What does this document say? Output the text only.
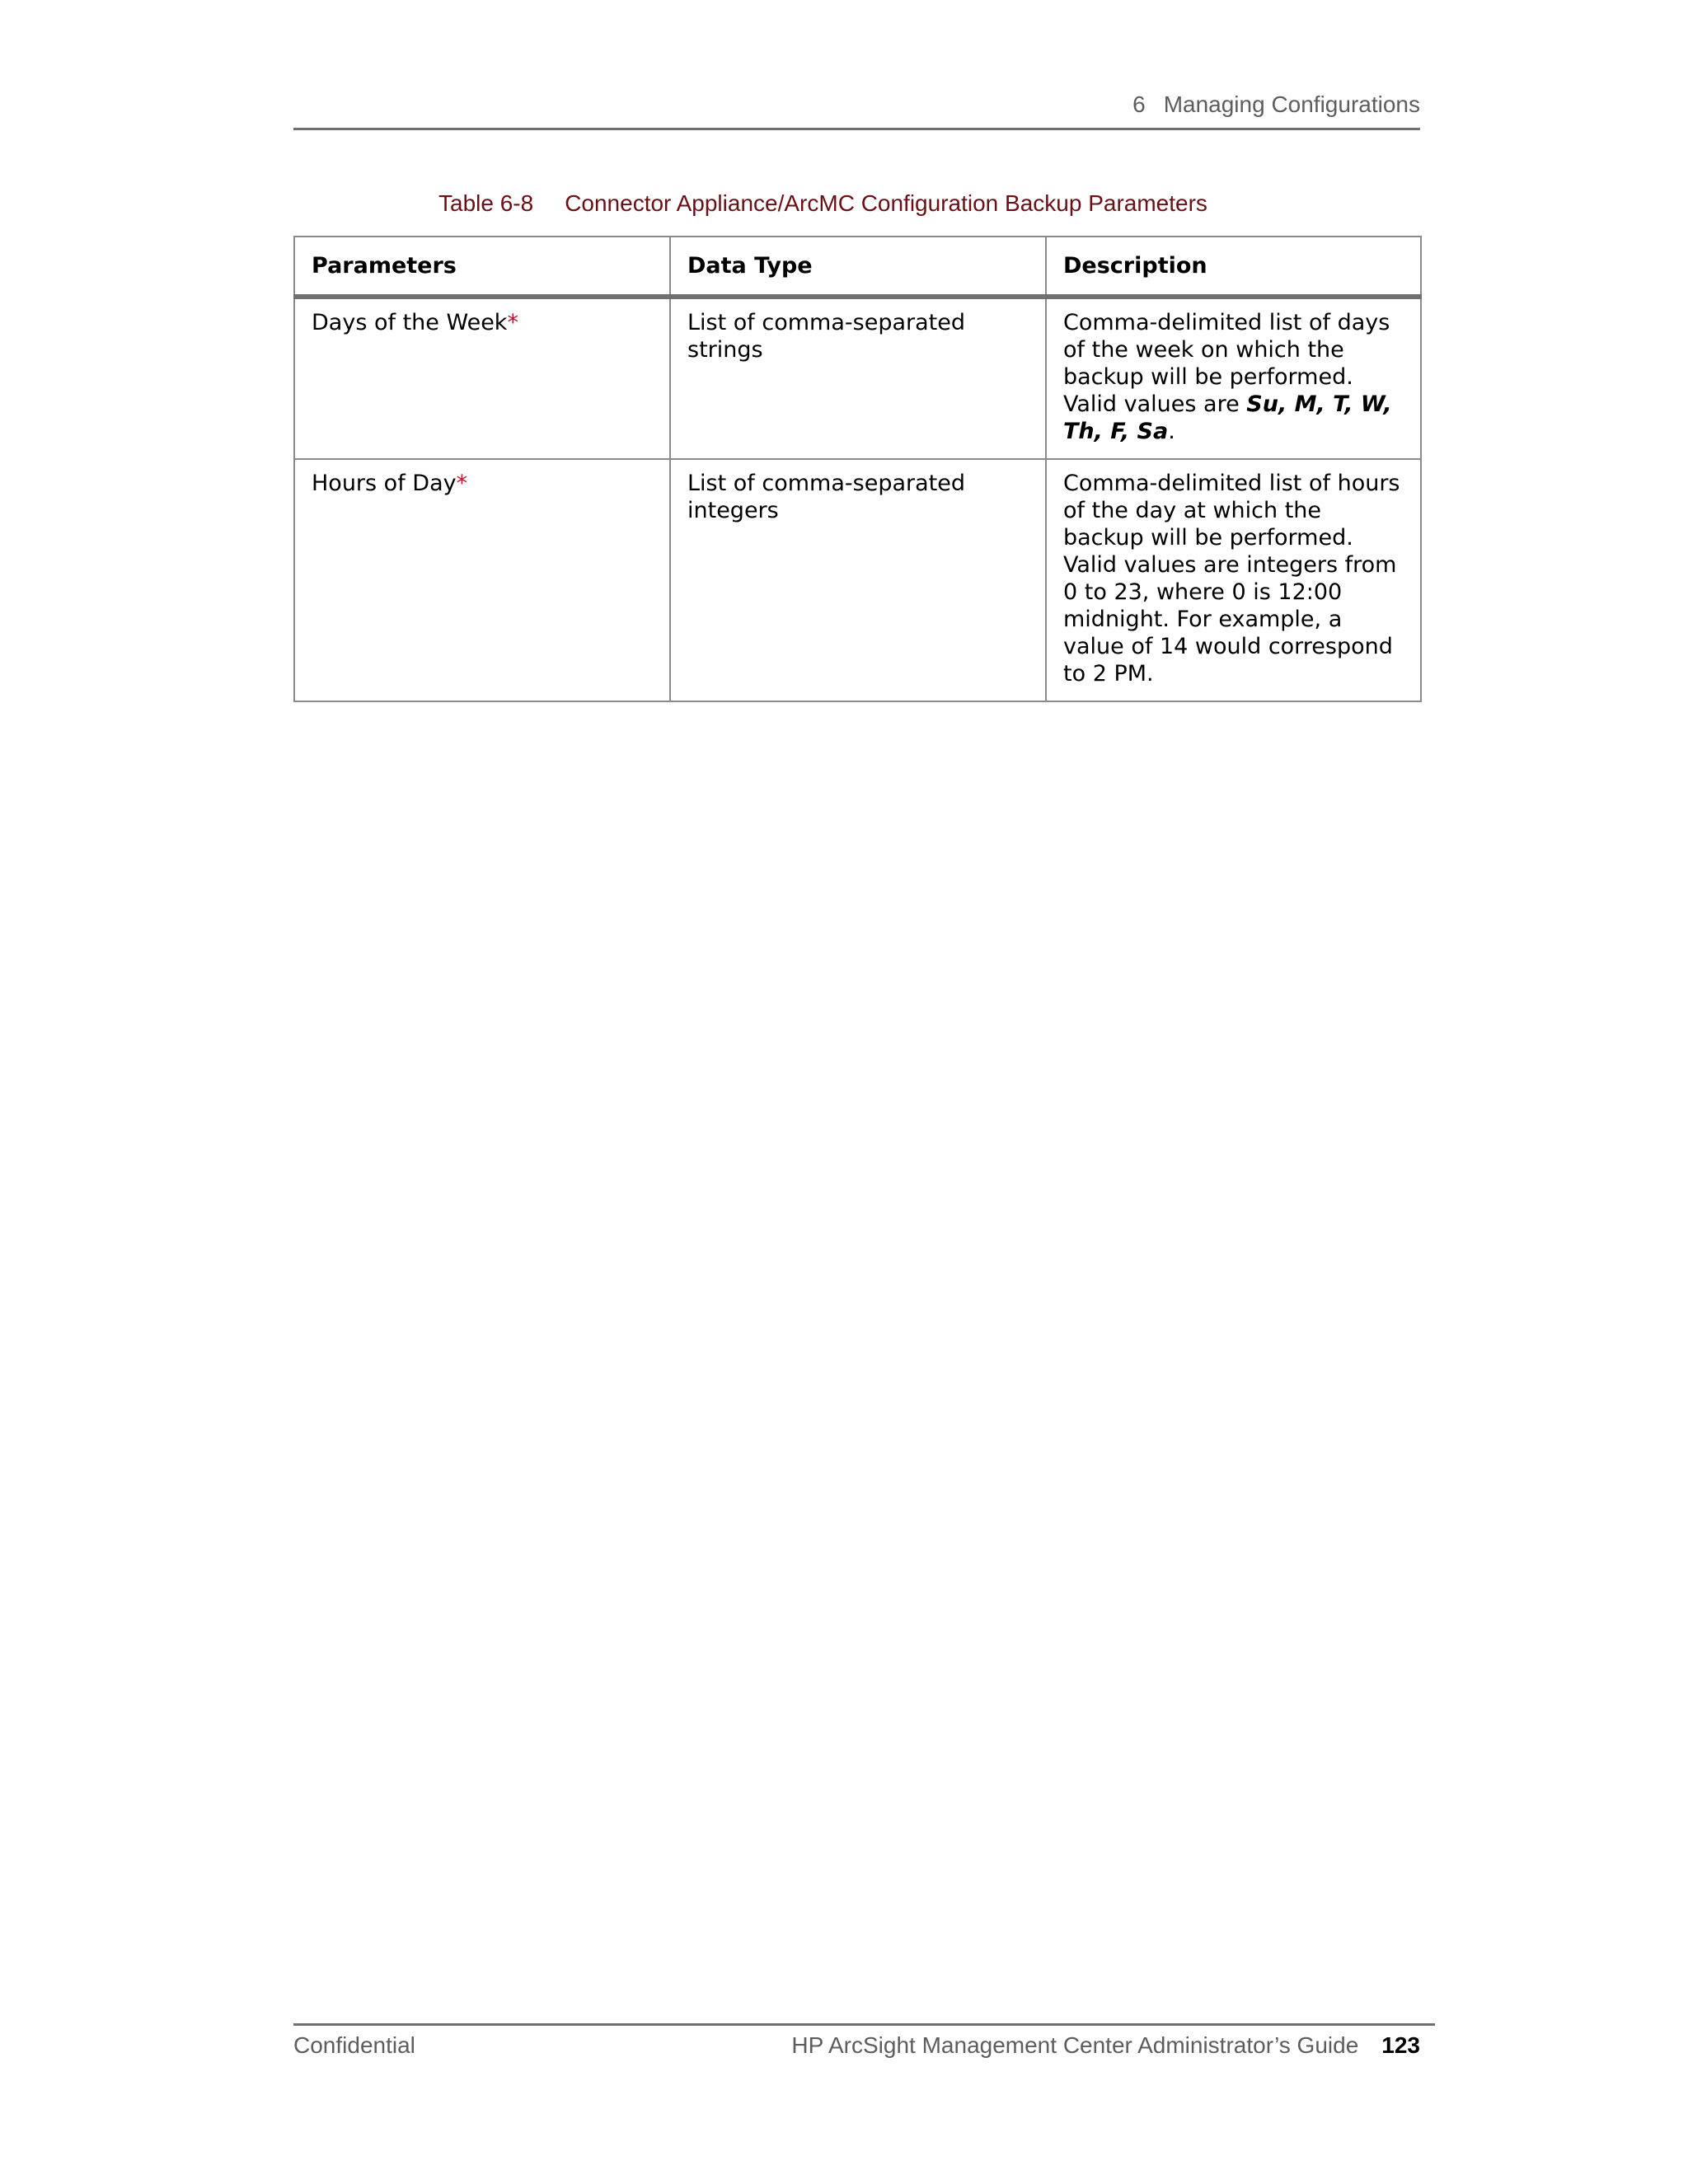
6 Managing Configurations
Table 6-8 Connector Appliance/ArcMC Configuration Backup Parameters
Parameters	Data Type	Description
Days of the Week*	List of comma-separated strings	Comma-delimited list of days of the week on which the backup will be performed. Valid values are Su, M, T, W, Th, F, Sa.
Hours of Day*	List of comma-separated integers	Comma-delimited list of hours of the day at which the backup will be performed. Valid values are integers from 0 to 23, where 0 is 12:00 midnight. For example, a value of 14 would correspond to 2 PM.
Confidential	HP ArcSight Management Center Administrator’s Guide 123
